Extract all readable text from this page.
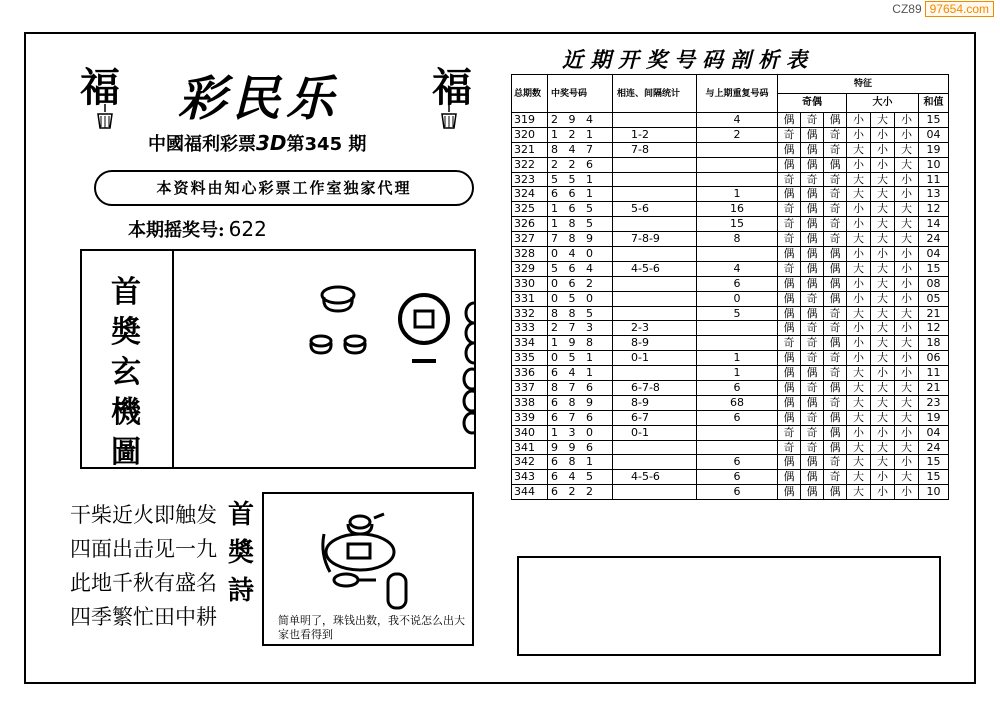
CZ89 97654.com
福	福
彩民乐
中國福利彩票3D第345 期
本资料由知心彩票工作室独家代理
本期摇奖号: 622
首奬玄機圖
干柴近火即触发
四面出击见一九
此地千秋有盛名
四季繁忙田中耕
首奬詩
简单明了，珠钱出数，我不说怎么出大家也看得到
近期开奖号码剖析表
总期数	中奖号码	相连、间隔统计	与上期重复号码	特征						
				奇偶			大小			和值
319	2 9 4		4	偶	奇	偶	小	大	小	15
320	1 2 1	1-2	2	奇	偶	奇	小	小	小	04
321	8 4 7	7-8		偶	偶	奇	大	小	大	19
322	2 2 6			偶	偶	偶	小	小	大	10
323	5 5 1			奇	奇	奇	大	大	小	11
324	6 6 1		1	偶	偶	奇	大	大	小	13
325	1 6 5	5-6	16	奇	偶	奇	小	大	大	12
326	1 8 5		15	奇	偶	奇	小	大	大	14
327	7 8 9	7-8-9	8	奇	偶	奇	大	大	大	24
328	0 4 0			偶	偶	偶	小	小	小	04
329	5 6 4	4-5-6	4	奇	偶	偶	大	大	小	15
330	0 6 2		6	偶	偶	偶	小	大	小	08
331	0 5 0		0	偶	奇	偶	小	大	小	05
332	8 8 5		5	偶	偶	奇	大	大	大	21
333	2 7 3	2-3		偶	奇	奇	小	大	小	12
334	1 9 8	8-9		奇	奇	偶	小	大	大	18
335	0 5 1	0-1	1	偶	奇	奇	小	大	小	06
336	6 4 1		1	偶	偶	奇	大	小	小	11
337	8 7 6	6-7-8	6	偶	奇	偶	大	大	大	21
338	6 8 9	8-9	68	偶	偶	奇	大	大	大	23
339	6 7 6	6-7	6	偶	奇	偶	大	大	大	19
340	1 3 0	0-1		奇	奇	偶	小	小	小	04
341	9 9 6			奇	奇	偶	大	大	大	24
342	6 8 1		6	偶	偶	奇	大	大	小	15
343	6 4 5	4-5-6	6	偶	偶	奇	大	小	大	15
344	6 2 2		6	偶	偶	偶	大	小	小	10
